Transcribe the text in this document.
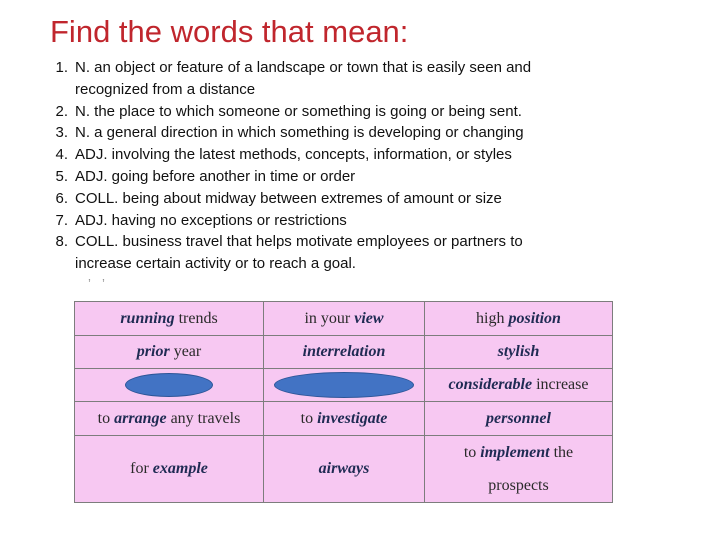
Find the words that mean:
1. N. an object or feature of a landscape or town that is easily seen and
recognized from a distance
2. N. the place to which someone or something is going or being sent.
3. N. a general direction in which something is developing or changing
4. ADJ. involving the latest methods, concepts, information, or styles
5. ADJ. going before another in time or order
6. COLL. being about midway between extremes of amount or size
7. ADJ. having no exceptions or restrictions
8. COLL. business travel that helps motivate employees or partners to
increase certain activity or to reach a goal.
’ ’
running trends	in your view	high position
prior year	interrelation	stylish
		considerable increase
to arrange any travels	to investigate	personnel
for example	airways	to implement the
prospects
